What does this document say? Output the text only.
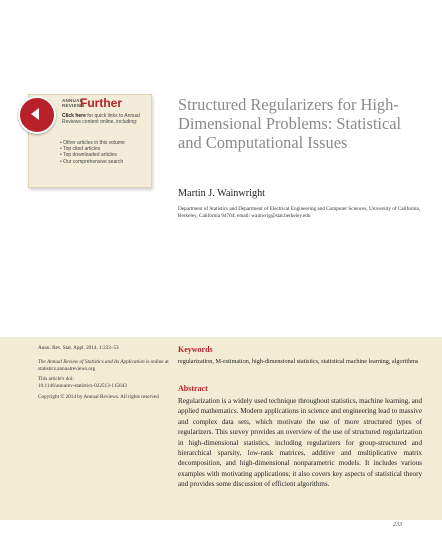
ANNUAL REVIEWS
Further
Click here for quick links to Annual Reviews content online, including:
• Other articles in this volume
• Top cited articles
• Top downloaded articles
• Our comprehensive search
Structured Regularizers for High-Dimensional Problems: Statistical and Computational Issues
Martin J. Wainwright
Department of Statistics and Department of Electrical Engineering and Computer Sciences, University of California, Berkeley, California 94704; email: wainwrig@stat.berkeley.edu

Annu. Rev. Stat. Appl. 2014. 1:233–53

The Annual Review of Statistics and Its Application is online at statistics.annualreviews.org

This article's doi:
10.1146/annurev-statistics-022513-115643

Copyright © 2014 by Annual Reviews. All rights reserved

Keywords
regularization, M-estimation, high-dimensional statistics, statistical machine learning, algorithms
Abstract
Regularization is a widely used technique throughout statistics, machine learning, and applied mathematics. Modern applications in science and engineering lead to massive and complex data sets, which motivate the use of more structured types of regularizers. This survey provides an overview of the use of structured regularization in high-dimensional statistics, including regularizers for group-structured and hierarchical sparsity, low-rank matrices, additive and multiplicative matrix decomposition, and high-dimensional nonparametric models. It includes various examples with motivating applications; it also covers key aspects of statistical theory and provides some discussion of efficient algorithms.
233
